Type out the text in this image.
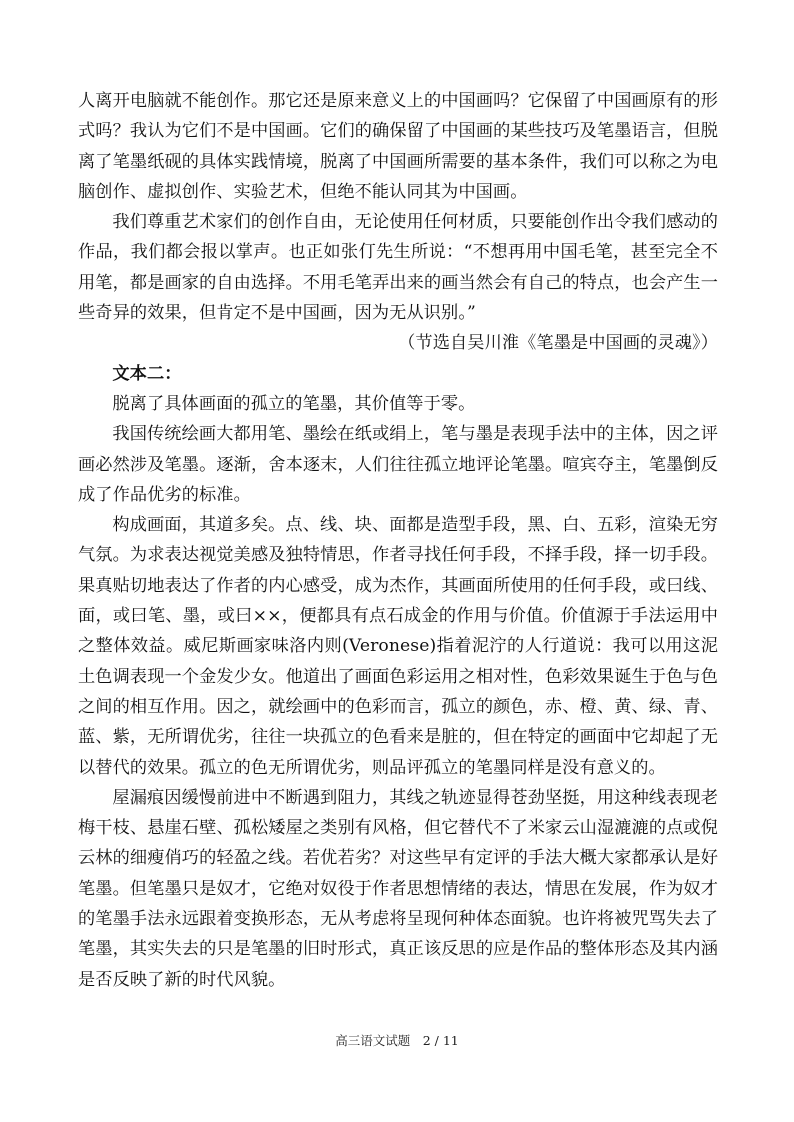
人离开电脑就不能创作。那它还是原来意义上的中国画吗？它保留了中国画原有的形式吗？我认为它们不是中国画。它们的确保留了中国画的某些技巧及笔墨语言，但脱离了笔墨纸砚的具体实践情境，脱离了中国画所需要的基本条件，我们可以称之为电脑创作、虚拟创作、实验艺术，但绝不能认同其为中国画。

我们尊重艺术家们的创作自由，无论使用任何材质，只要能创作出令我们感动的作品，我们都会报以掌声。也正如张仃先生所说：“不想再用中国毛笔，甚至完全不用笔，都是画家的自由选择。不用毛笔弄出来的画当然会有自己的特点，也会产生一些奇异的效果，但肯定不是中国画，因为无从识别。”

（节选自吴川淮《笔墨是中国画的灵魂》）

文本二：

脱离了具体画面的孤立的笔墨，其价值等于零。

我国传统绘画大都用笔、墨绘在纸或绢上，笔与墨是表现手法中的主体，因之评画必然涉及笔墨。逐渐，舍本逐末，人们往往孤立地评论笔墨。喧宾夺主，笔墨倒反成了作品优劣的标准。

构成画面，其道多矣。点、线、块、面都是造型手段，黑、白、五彩，渲染无穷气氛。为求表达视觉美感及独特情思，作者寻找任何手段，不择手段，择一切手段。果真贴切地表达了作者的内心感受，成为杰作，其画面所使用的任何手段，或曰线、面，或曰笔、墨，或曰××，便都具有点石成金的作用与价值。价值源于手法运用中之整体效益。威尼斯画家味洛内则(Veronese)指着泥泞的人行道说：我可以用这泥土色调表现一个金发少女。他道出了画面色彩运用之相对性，色彩效果诞生于色与色之间的相互作用。因之，就绘画中的色彩而言，孤立的颜色，赤、橙、黄、绿、青、蓝、紫，无所谓优劣，往往一块孤立的色看来是脏的，但在特定的画面中它却起了无以替代的效果。孤立的色无所谓优劣，则品评孤立的笔墨同样是没有意义的。

屋漏痕因缓慢前进中不断遇到阻力，其线之轨迹显得苍劲坚挺，用这种线表现老梅干枝、悬崖石壁、孤松矮屋之类别有风格，但它替代不了米家云山湿漉漉的点或倪云林的细瘦俏巧的轻盈之线。若优若劣？对这些早有定评的手法大概大家都承认是好笔墨。但笔墨只是奴才，它绝对奴役于作者思想情绪的表达，情思在发展，作为奴才的笔墨手法永远跟着变换形态，无从考虑将呈现何种体态面貌。也许将被咒骂失去了笔墨，其实失去的只是笔墨的旧时形式，真正该反思的应是作品的整体形态及其内涵是否反映了新的时代风貌。

高三语文试题　2 / 11
